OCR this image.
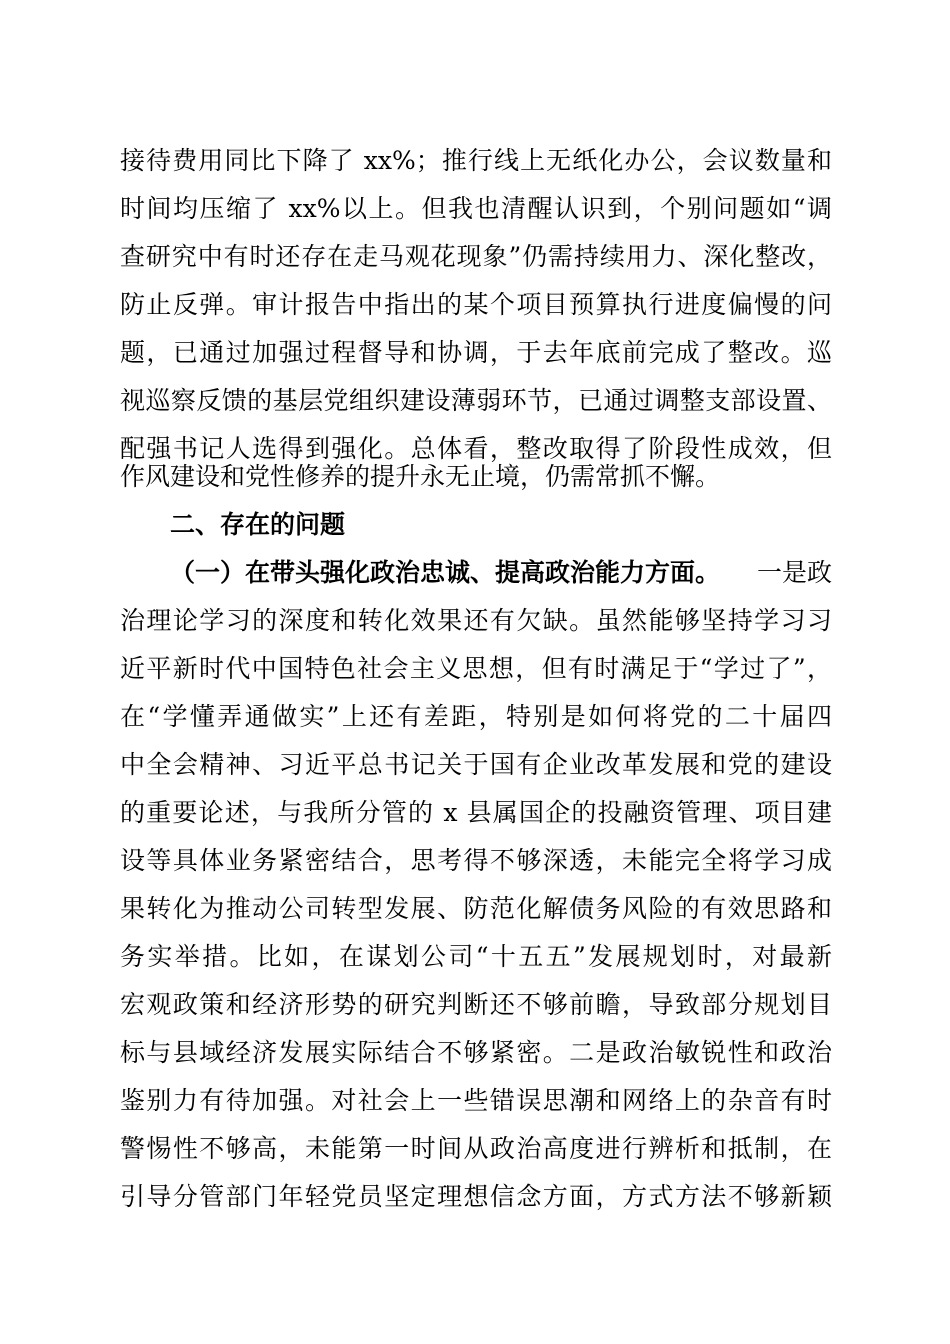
接待费用同比下降了 xx%；推行线上无纸化办公，会议数量和
时间均压缩了 xx%以上。但我也清醒认识到，个别问题如“调
查研究中有时还存在走马观花现象”仍需持续用力、深化整改，
防止反弹。审计报告中指出的某个项目预算执行进度偏慢的问
题，已通过加强过程督导和协调，于去年底前完成了整改。巡
视巡察反馈的基层党组织建设薄弱环节，已通过调整支部设置、
配强书记人选得到强化。总体看，整改取得了阶段性成效，但
作风建设和党性修养的提升永无止境，仍需常抓不懈。
二、存在的问题
（一）在带头强化政治忠诚、提高政治能力方面。 一是政
治理论学习的深度和转化效果还有欠缺。虽然能够坚持学习习
近平新时代中国特色社会主义思想，但有时满足于“学过了”，
在“学懂弄通做实”上还有差距，特别是如何将党的二十届四
中全会精神、习近平总书记关于国有企业改革发展和党的建设
的重要论述，与我所分管的 x 县属国企的投融资管理、项目建
设等具体业务紧密结合，思考得不够深透，未能完全将学习成
果转化为推动公司转型发展、防范化解债务风险的有效思路和
务实举措。比如，在谋划公司“十五五”发展规划时，对最新
宏观政策和经济形势的研究判断还不够前瞻，导致部分规划目
标与县域经济发展实际结合不够紧密。二是政治敏锐性和政治
鉴别力有待加强。对社会上一些错误思潮和网络上的杂音有时
警惕性不够高，未能第一时间从政治高度进行辨析和抵制，在
引导分管部门年轻党员坚定理想信念方面，方式方法不够新颖
